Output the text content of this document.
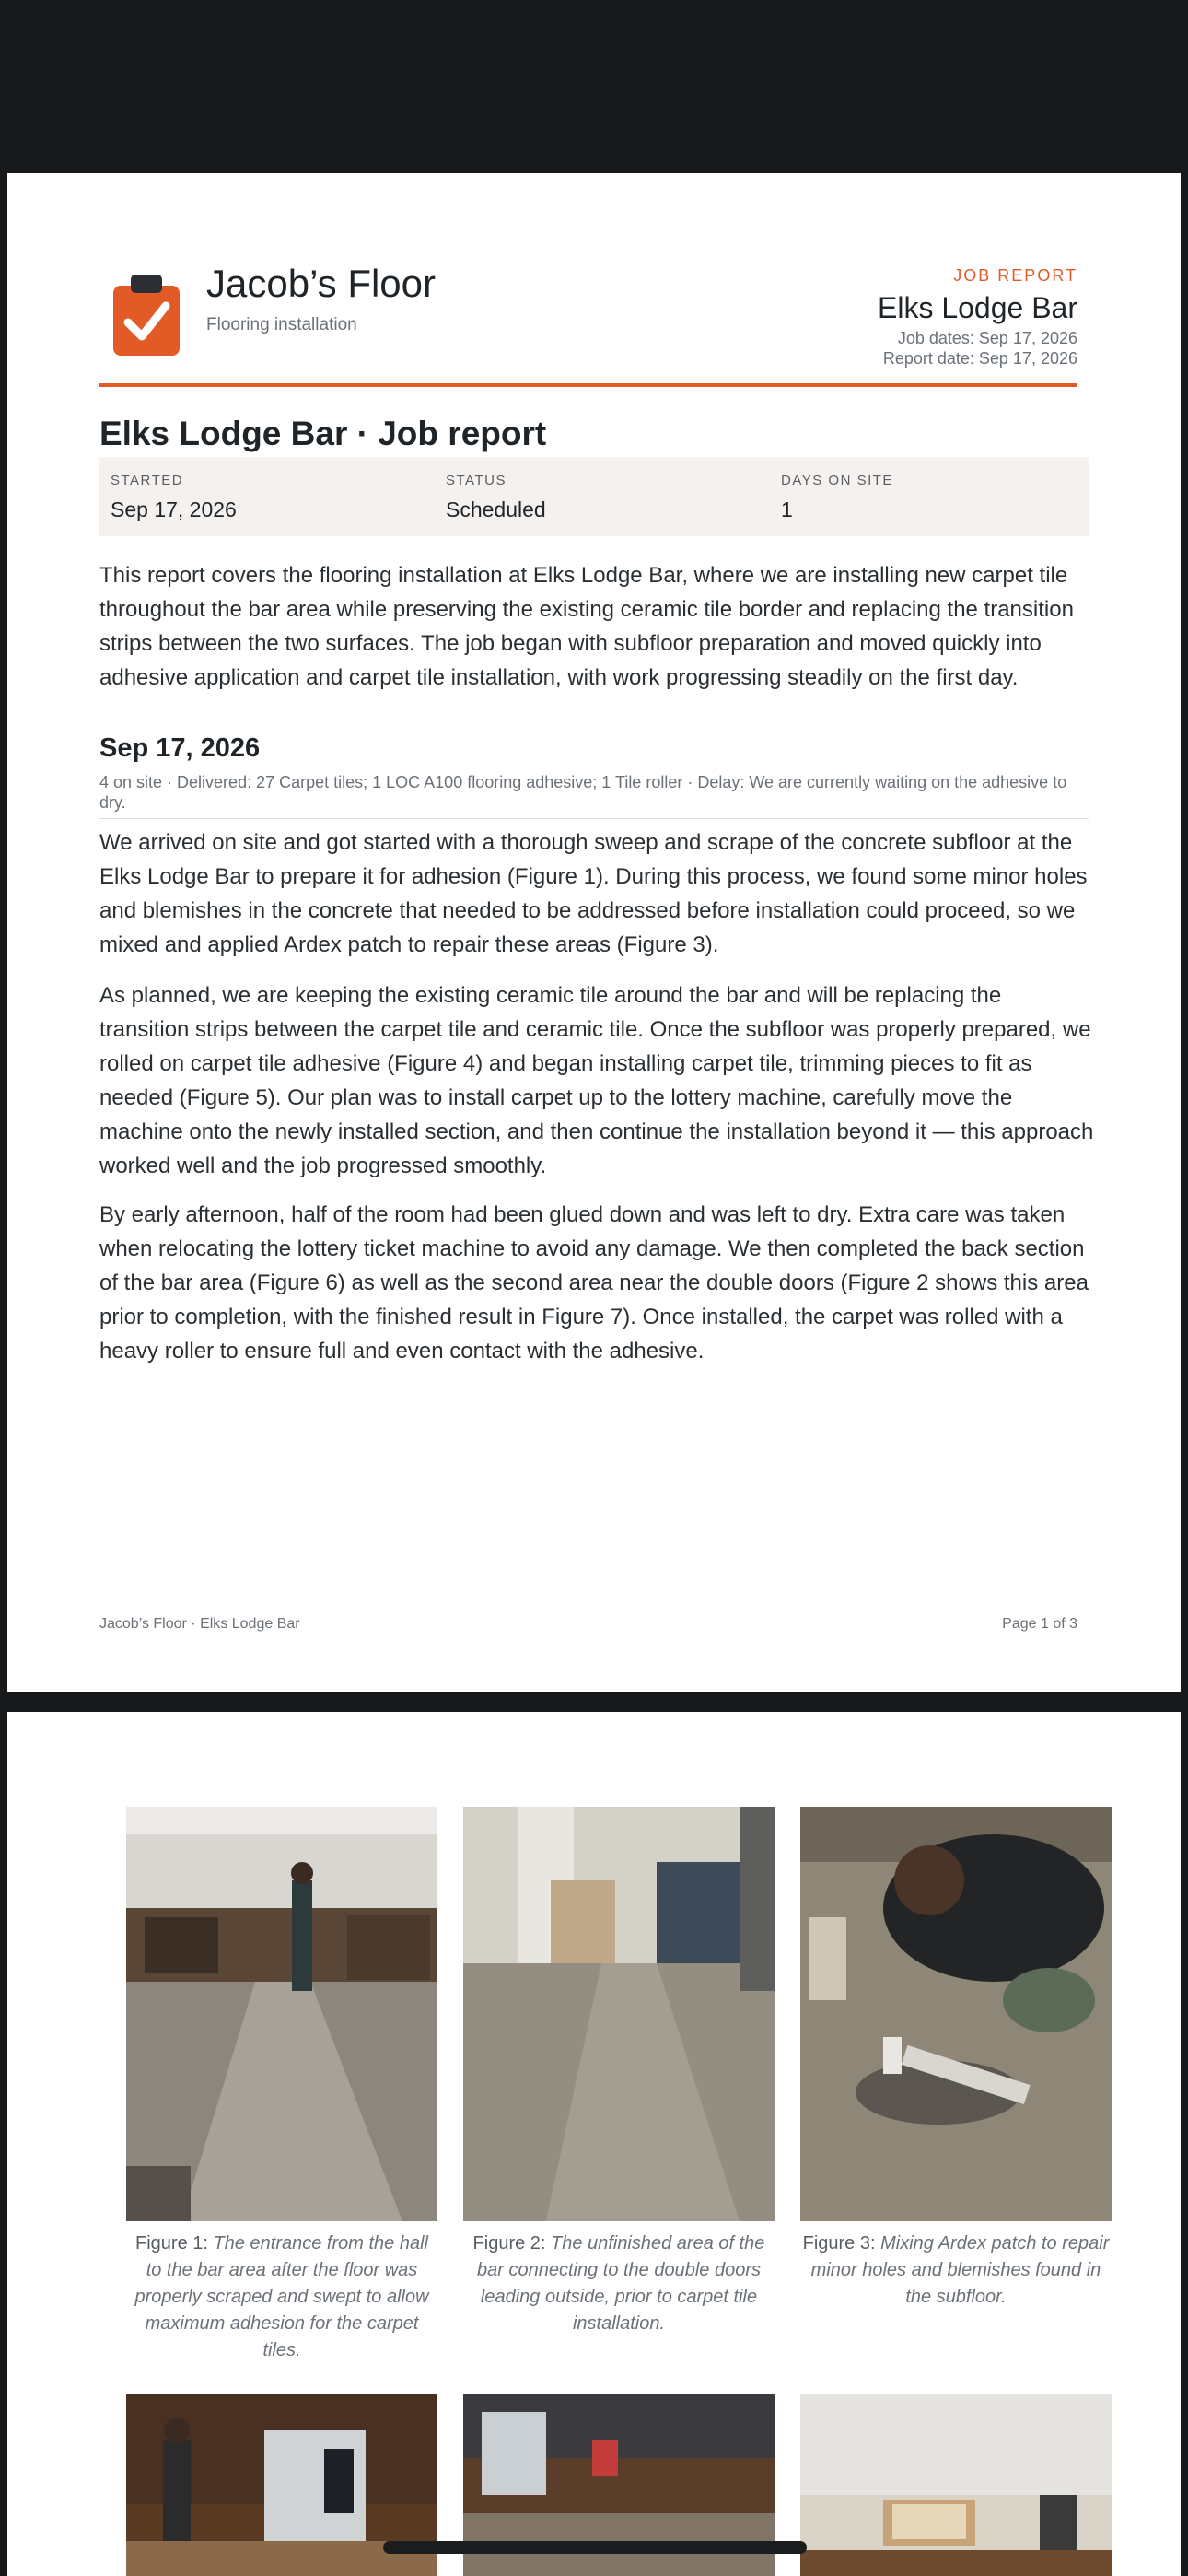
Jacob’s Floor
Flooring installation
JOB REPORT
Elks Lodge Bar
Job dates: Sep 17, 2026
Report date: Sep 17, 2026
Elks Lodge Bar · Job report
STARTED
Sep 17, 2026
STATUS
Scheduled
DAYS ON SITE
1

This report covers the flooring installation at Elks Lodge Bar, where we are installing new carpet tile throughout the bar area while preserving the existing ceramic tile border and replacing the transition strips between the two surfaces. The job began with subfloor preparation and moved quickly into adhesive application and carpet tile installation, with work progressing steadily on the first day.

Sep 17, 2026
4 on site · Delivered: 27 Carpet tiles; 1 LOC A100 flooring adhesive; 1 Tile roller · Delay: We are currently waiting on the adhesive to dry.

We arrived on site and got started with a thorough sweep and scrape of the concrete subfloor at the Elks Lodge Bar to prepare it for adhesion (Figure 1). During this process, we found some minor holes and blemishes in the concrete that needed to be addressed before installation could proceed, so we mixed and applied Ardex patch to repair these areas (Figure 3).

As planned, we are keeping the existing ceramic tile around the bar and will be replacing the transition strips between the carpet tile and ceramic tile. Once the subfloor was properly prepared, we rolled on carpet tile adhesive (Figure 4) and began installing carpet tile, trimming pieces to fit as needed (Figure 5). Our plan was to install carpet up to the lottery machine, carefully move the machine onto the newly installed section, and then continue the installation beyond it — this approach worked well and the job progressed smoothly.

By early afternoon, half of the room had been glued down and was left to dry. Extra care was taken when relocating the lottery ticket machine to avoid any damage. We then completed the back section of the bar area (Figure 6) as well as the second area near the double doors (Figure 2 shows this area prior to completion, with the finished result in Figure 7). Once installed, the carpet was rolled with a heavy roller to ensure full and even contact with the adhesive.

Jacob’s Floor · Elks Lodge Bar	Page 1 of 3
Figure 1: The entrance from the hall to the bar area after the floor was properly scraped and swept to allow maximum adhesion for the carpet tiles.
Figure 2: The unfinished area of the bar connecting to the double doors leading outside, prior to carpet tile installation.
Figure 3: Mixing Ardex patch to repair minor holes and blemishes found in the subfloor.
